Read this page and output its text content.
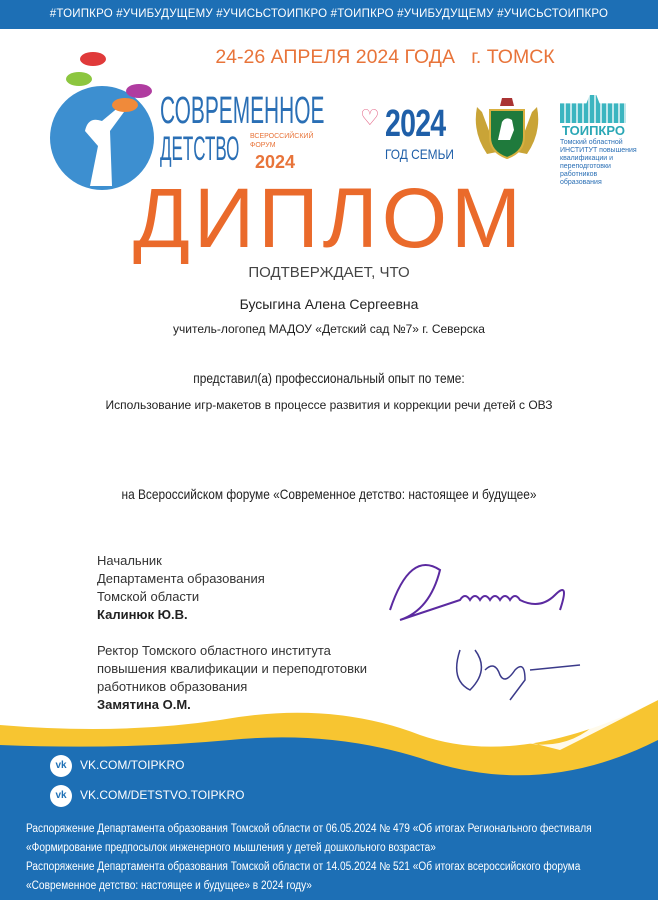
#ТОИПКРО #УЧИБУДУЩЕМУ #УЧИСЬСТОИПКРО #ТОИПКРО #УЧИБУДУЩЕМУ #УЧИСЬСТОИПКРО
24-26 АПРЕЛЯ 2024 ГОДА   г. ТОМСК
СОВРЕМЕННОЕ
ДЕТСТВО ВСЕРОССИЙСКИЙ ФОРУМ
2024
♡ 2024
ГОД СЕМЬИ
ТОИПКРО
Томский областной ИНСТИТУТ повышения квалификации и переподготовки работников образования
ДИПЛОМ
ПОДТВЕРЖДАЕТ, ЧТО
Бусыгина Алена Сергеевна
учитель-логопед МАДОУ «Детский сад №7» г. Северска
представил(а) профессиональный опыт по теме:
Использование игр-макетов в процессе развития и коррекции речи детей с ОВЗ
на Всероссийском форуме «Современное детство: настоящее и будущее»
Начальник
Департамента образования
Томской области
Калинюк Ю.В.
Ректор Томского областного института
повышения квалификации и переподготовки
работников образования
Замятина О.М.
vk	VK.COM/TOIPKRO
vk	VK.COM/DETSTVO.TOIPKRO
Распоряжение Департамента образования Томской области от 06.05.2024 № 479 «Об итогах Регионального фестиваля
«Формирование предпосылок инженерного мышления у детей дошкольного возраста»
Распоряжение Департамента образования Томской области от 14.05.2024 № 521 «Об итогах всероссийского форума
«Современное детство: настоящее и будущее» в 2024 году»
